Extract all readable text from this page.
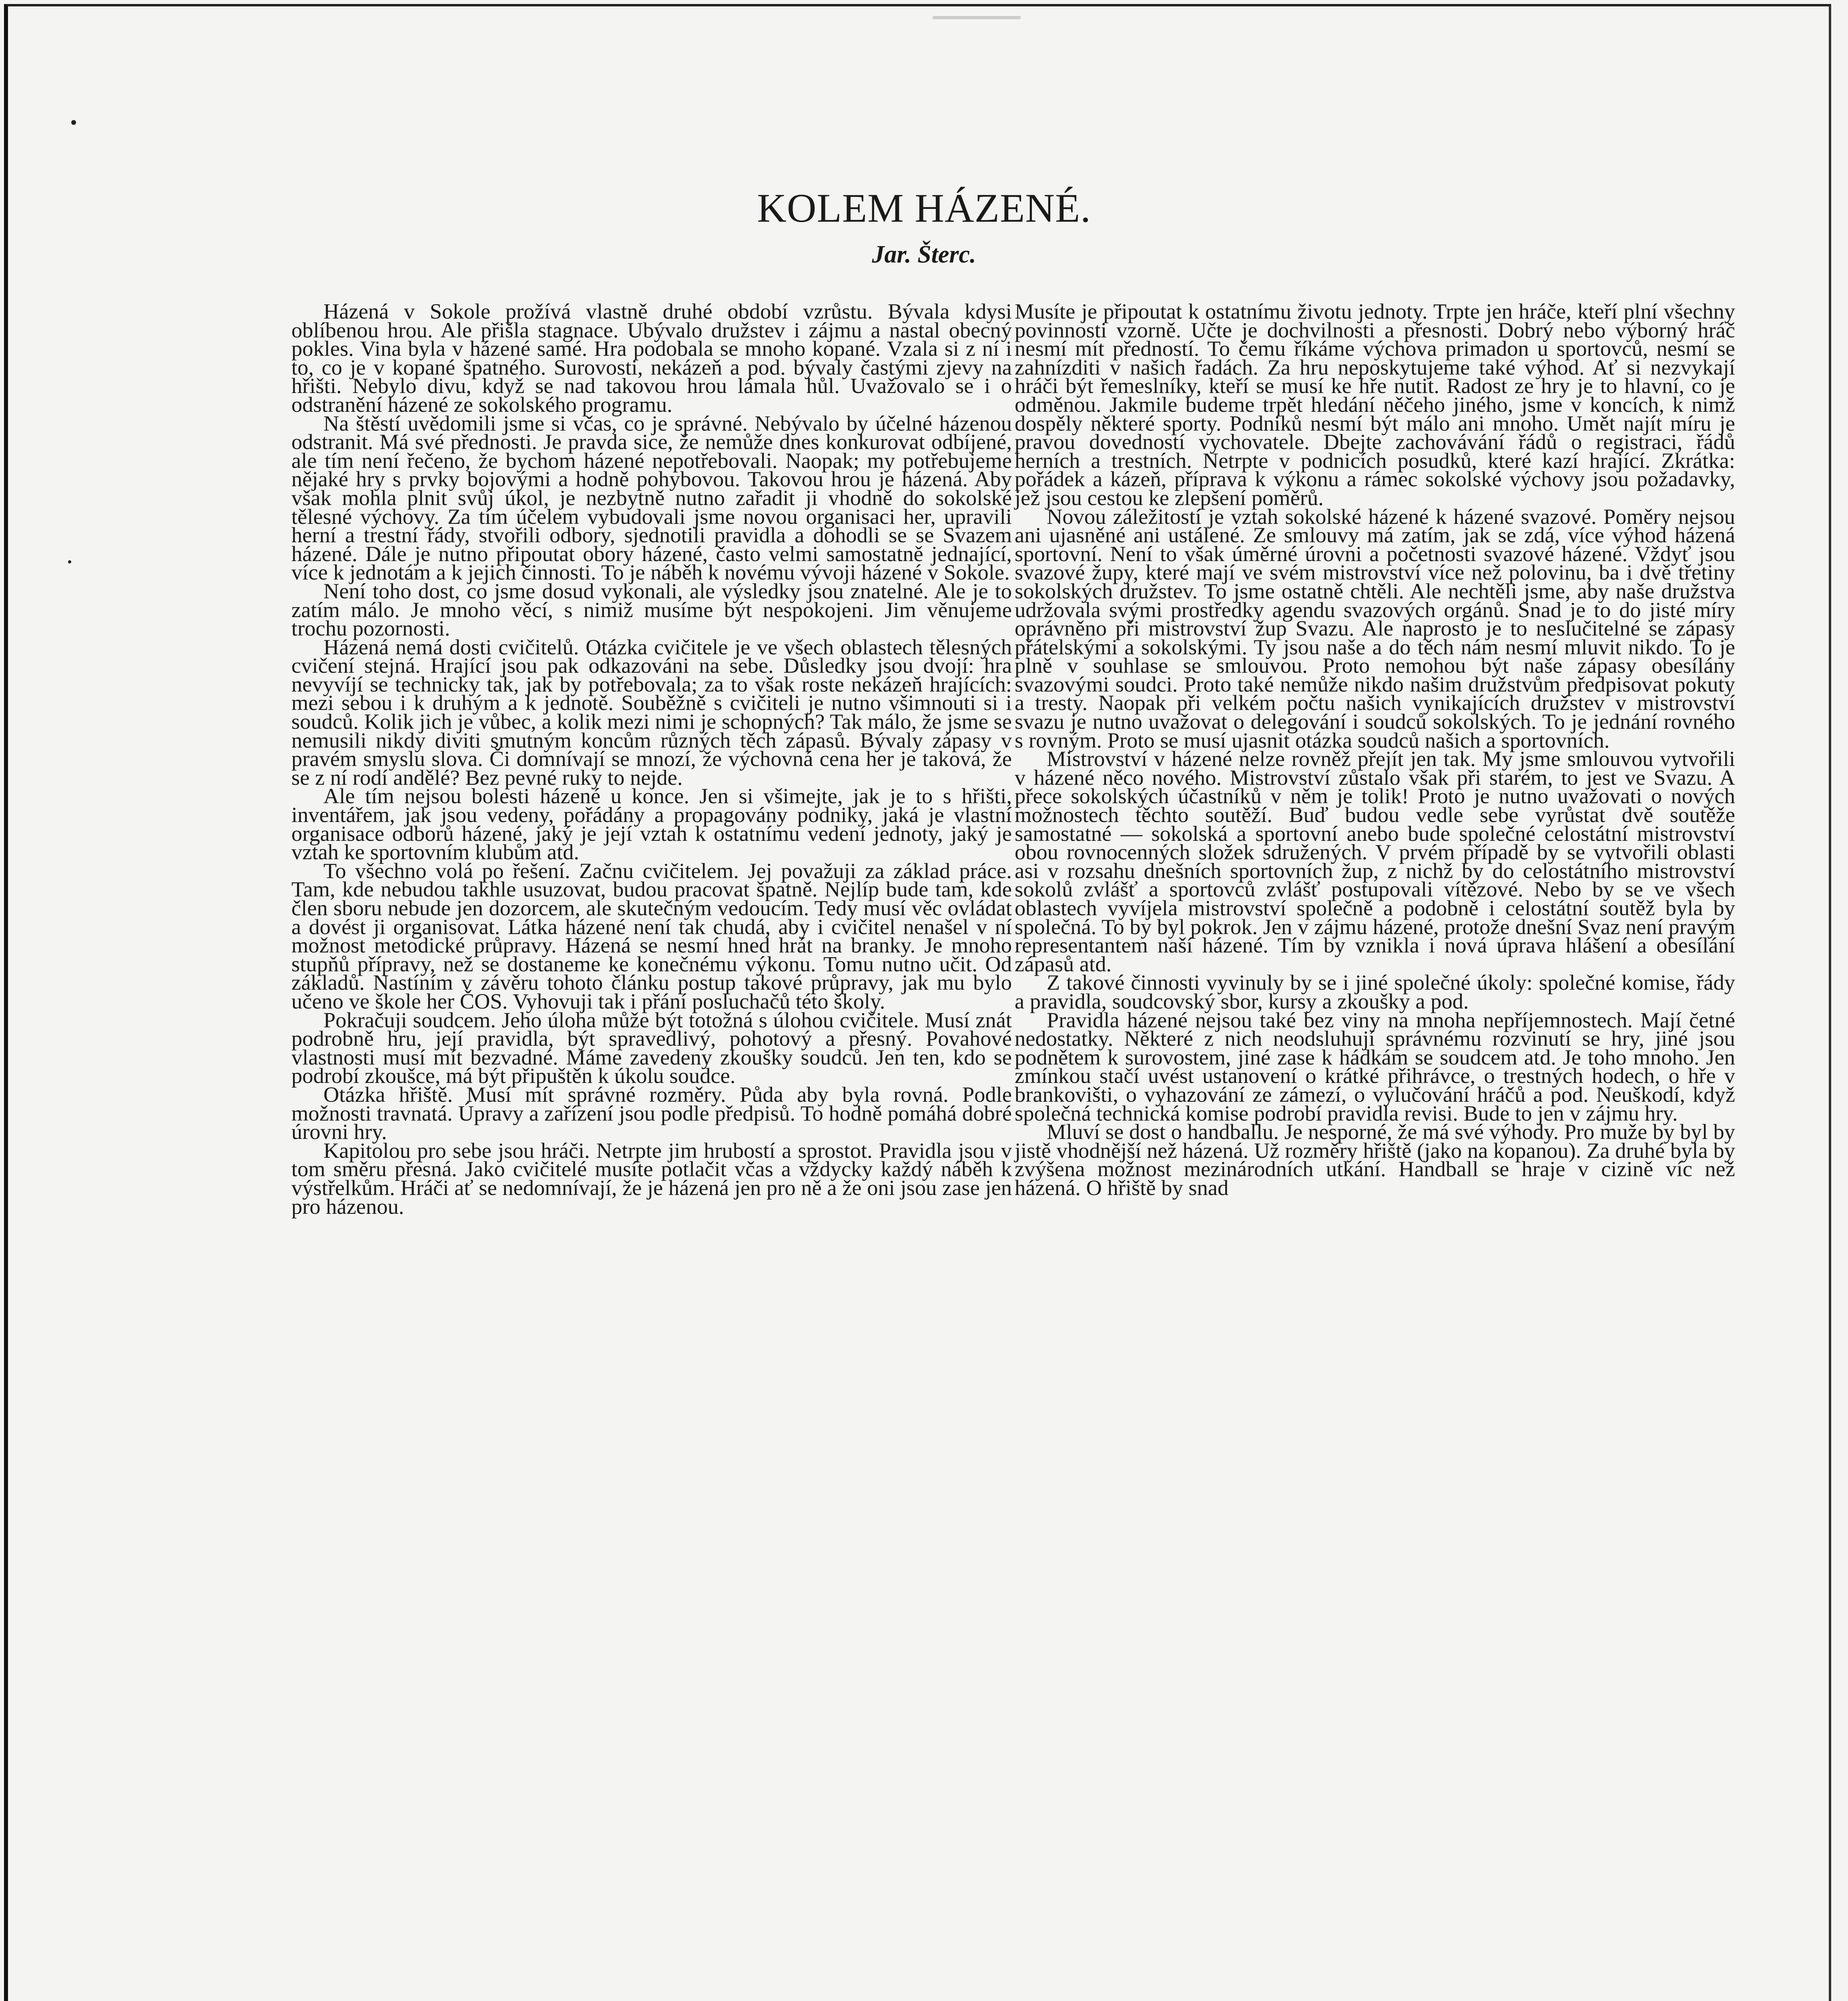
KOLEM HÁZENÉ.
Jar. Šterc.

Házená v Sokole prožívá vlastně druhé období vzrůstu. Bývala kdysi oblíbenou hrou. Ale přišla stagnace. Ubývalo družstev i zájmu a nastal obecný pokles. Vina byla v házené samé. Hra podobala se mnoho kopané. Vzala si z ní i to, co je v kopané špatného. Surovosti, nekázeň a pod. bývaly častými zjevy na hřišti. Nebylo divu, když se nad takovou hrou lámala hůl. Uvažovalo se i o odstranění házené ze sokolského programu.

Na štěstí uvědomili jsme si včas, co je správné. Nebývalo by účelné házenou odstranit. Má své přednosti. Je pravda sice, že nemůže dnes konkurovat odbíjené, ale tím není řečeno, že bychom házené nepotřebovali. Naopak; my potřebujeme nějaké hry s prvky bojovými a hodně pohybovou. Takovou hrou je házená. Aby však mohla plnit svůj úkol, je nezbytně nutno zařadit ji vhodně do sokolské tělesné výchovy. Za tím účelem vybudovali jsme novou organisaci her, upravili herní a trestní řády, stvořili odbory, sjednotili pravidla a dohodli se se Svazem házené. Dále je nutno připoutat obory házené, často velmi samostatně jednající, více k jednotám a k jejich činnosti. To je náběh k novému vývoji házené v Sokole.

Není toho dost, co jsme dosud vykonali, ale výsledky jsou znatelné. Ale je to zatím málo. Je mnoho věcí, s nimiž musíme být nespokojeni. Jim věnujeme trochu pozornosti.

Házená nemá dosti cvičitelů. Otázka cvičitele je ve všech oblastech tělesných cvičení stejná. Hrající jsou pak odkazováni na sebe. Důsledky jsou dvojí: hra nevyvíjí se technicky tak, jak by potřebovala; za to však roste nekázeň hrajících: mezi sebou i k druhým a k jednotě. Souběžně s cvičiteli je nutno všimnouti si i soudců. Kolik jich je vůbec, a kolik mezi nimi je schopných? Tak málo, že jsme se nemusili nikdy diviti smutným koncům různých těch zápasů. Bývaly zápasy v pravém smyslu slova. Či domnívají se mnozí, že výchovná cena her je taková, že se z ní rodí andělé? Bez pevné ruky to nejde.

Ale tím nejsou bolesti házené u konce. Jen si všimejte, jak je to s hřišti, inventářem, jak jsou vedeny, pořádány a propagovány podniky, jaká je vlastní organisace odborů házené, jaký je její vztah k ostatnímu vedení jednoty, jaký je vztah ke sportovním klubům atd.

To všechno volá po řešení. Začnu cvičitelem. Jej považuji za základ práce. Tam, kde nebudou takhle usuzovat, budou pracovat špatně. Nejlíp bude tam, kde člen sboru nebude jen dozorcem, ale skutečným vedoucím. Tedy musí věc ovládat a dovést ji organisovat. Látka házené není tak chudá, aby i cvičitel nenašel v ní možnost metodické průpravy. Házená se nesmí hned hrát na branky. Je mnoho stupňů přípravy, než se dostaneme ke konečnému výkonu. Tomu nutno učit. Od základů. Nastíním v závěru tohoto článku postup takové průpravy, jak mu bylo učeno ve škole her ČOS. Vyhovuji tak i přání posluchačů této školy.

Pokračuji soudcem. Jeho úloha může být totožná s úlohou cvičitele. Musí znát podrobně hru, její pravidla, být spravedlivý, pohotový a přesný. Povahové vlastnosti musí mít bezvadné. Máme zavedeny zkoušky soudců. Jen ten, kdo se podrobí zkoušce, má být připuštěn k úkolu soudce.

Otázka hřiště. Musí mít správné rozměry. Půda aby byla rovná. Podle možnosti travnatá. Úpravy a zařízení jsou podle předpisů. To hodně pomáhá dobré úrovni hry.

Kapitolou pro sebe jsou hráči. Netrpte jim hrubostí a sprostot. Pravidla jsou v tom směru přesná. Jako cvičitelé musíte potlačit včas a vždycky každý náběh k výstřelkům. Hráči ať se nedomnívají, že je házená jen pro ně a že oni jsou zase jen pro házenou.

Musíte je připoutat k ostatnímu životu jednoty. Trpte jen hráče, kteří plní všechny povinnosti vzorně. Učte je dochvilnosti a přesnosti. Dobrý nebo výborný hráč nesmí mít předností. To čemu říkáme výchova primadon u sportovců, nesmí se zahnízditi v našich řadách. Za hru neposkytujeme také výhod. Ať si nezvykají hráči být řemeslníky, kteří se musí ke hře nutit. Radost ze hry je to hlavní, co je odměnou. Jakmile budeme trpět hledání něčeho jiného, jsme v koncích, k nimž dospěly některé sporty. Podniků nesmí být málo ani mnoho. Umět najít míru je pravou dovedností vychovatele. Dbejte zachovávání řádů o registraci, řádů herních a trestních. Netrpte v podnicích posudků, které kazí hrající. Zkrátka: pořádek a kázeň, příprava k výkonu a rámec sokolské výchovy jsou požadavky, jež jsou cestou ke zlepšení poměrů.

Novou záležitostí je vztah sokolské házené k házené svazové. Poměry nejsou ani ujasněné ani ustálené. Ze smlouvy má zatím, jak se zdá, více výhod házená sportovní. Není to však úměrné úrovni a početnosti svazové házené. Vždyť jsou svazové župy, které mají ve svém mistrovství více než polovinu, ba i dvě třetiny sokolských družstev. To jsme ostatně chtěli. Ale nechtěli jsme, aby naše družstva udržovala svými prostředky agendu svazových orgánů. Snad je to do jisté míry oprávněno při mistrovství žup Svazu. Ale naprosto je to neslučitelné se zápasy přátelskými a sokolskými. Ty jsou naše a do těch nám nesmí mluvit nikdo. To je plně v souhlase se smlouvou. Proto nemohou být naše zápasy obesílány svazovými soudci. Proto také nemůže nikdo našim družstvům předpisovat pokuty a tresty. Naopak při velkém počtu našich vynikajících družstev v mistrovství svazu je nutno uvažovat o delegování i soudců sokolských. To je jednání rovného s rovným. Proto se musí ujasnit otázka soudců našich a sportovních.

Mistrovství v házené nelze rovněž přejít jen tak. My jsme smlouvou vytvořili v házené něco nového. Mistrovství zůstalo však při starém, to jest ve Svazu. A přece sokolských účastníků v něm je tolik! Proto je nutno uvažovati o nových možnostech těchto soutěží. Buď budou vedle sebe vyrůstat dvě soutěže samostatné — sokolská a sportovní anebo bude společné celostátní mistrovství obou rovnocenných složek sdružených. V prvém případě by se vytvořili oblasti asi v rozsahu dnešních sportovních žup, z nichž by do celostátního mistrovství sokolů zvlášť a sportovců zvlášť postupovali vítězové. Nebo by se ve všech oblastech vyvíjela mistrovství společně a podobně i celostátní soutěž byla by společná. To by byl pokrok. Jen v zájmu házené, protože dnešní Svaz není pravým representantem naší házené. Tím by vznikla i nová úprava hlášení a obesílání zápasů atd.

Z takové činnosti vyvinuly by se i jiné společné úkoly: společné komise, řády a pravidla, soudcovský sbor, kursy a zkoušky a pod.

Pravidla házené nejsou také bez viny na mnoha nepříjemnostech. Mají četné nedostatky. Některé z nich neodsluhují správnému rozvinutí se hry, jiné jsou podnětem k surovostem, jiné zase k hádkám se soudcem atd. Je toho mnoho. Jen zmínkou stačí uvést ustanovení o krátké přihrávce, o trestných hodech, o hře v brankovišti, o vyhazování ze zámezí, o vylučování hráčů a pod. Neuškodí, když společná technická komise podrobí pravidla revisi. Bude to jen v zájmu hry.

Mluví se dost o handballu. Je nesporné, že má své výhody. Pro muže by byl by jistě vhodnější než házená. Už rozměry hřiště (jako na kopanou). Za druhé byla by zvýšena možnost mezinárodních utkání. Handball se hraje v cizině víc než házená. O hřiště by snad
